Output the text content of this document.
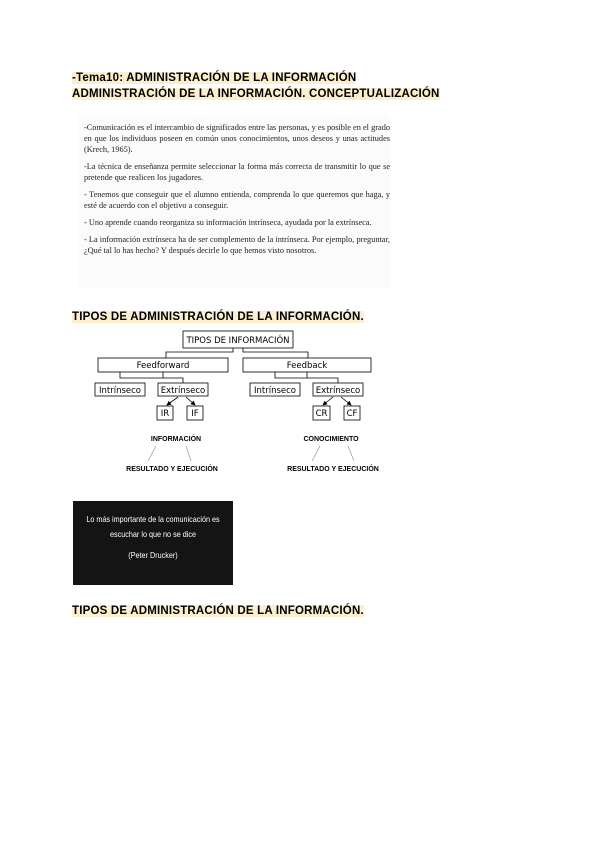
-Tema10: ADMINISTRACIÓN DE LA INFORMACIÓN
ADMINISTRACIÓN DE LA INFORMACIÓN. CONCEPTUALIZACIÓN

-Comunicación es el intercambio de significados entre las personas, y es posible en el grado en que los individuos poseen en común unos conocimientos, unos deseos y unas actitudes (Krech, 1965).

-La técnica de enseñanza permite seleccionar la forma más correcta de transmitir lo que se pretende que realicen los jugadores.

- Tenemos que conseguir que el alumno entienda, comprenda lo que queremos que haga, y esté de acuerdo con el objetivo a conseguir.

- Uno aprende cuando reorganiza su información intrínseca, ayudada por la extrínseca.

- La información extrínseca ha de ser complemento de la intrínseca. Por ejemplo, preguntar, ¿Qué tal lo has hecho? Y después decirle lo que hemos visto nosotros.

TIPOS DE ADMINISTRACIÓN DE LA INFORMACIÓN.
TIPOS DE INFORMACIÓN
Feedforward	Feedback
Intrínseco Extrínseco	Intrínseco Extrínseco
IR	IF	CR CF
INFORMACIÓN	CONOCIMIENTO
RESULTADO Y EJECUCIÓN	RESULTADO Y EJECUCIÓN
Lo más importante de la comunicación es
escuchar lo que no se dice
(Peter Drucker)
TIPOS DE ADMINISTRACIÓN DE LA INFORMACIÓN.
